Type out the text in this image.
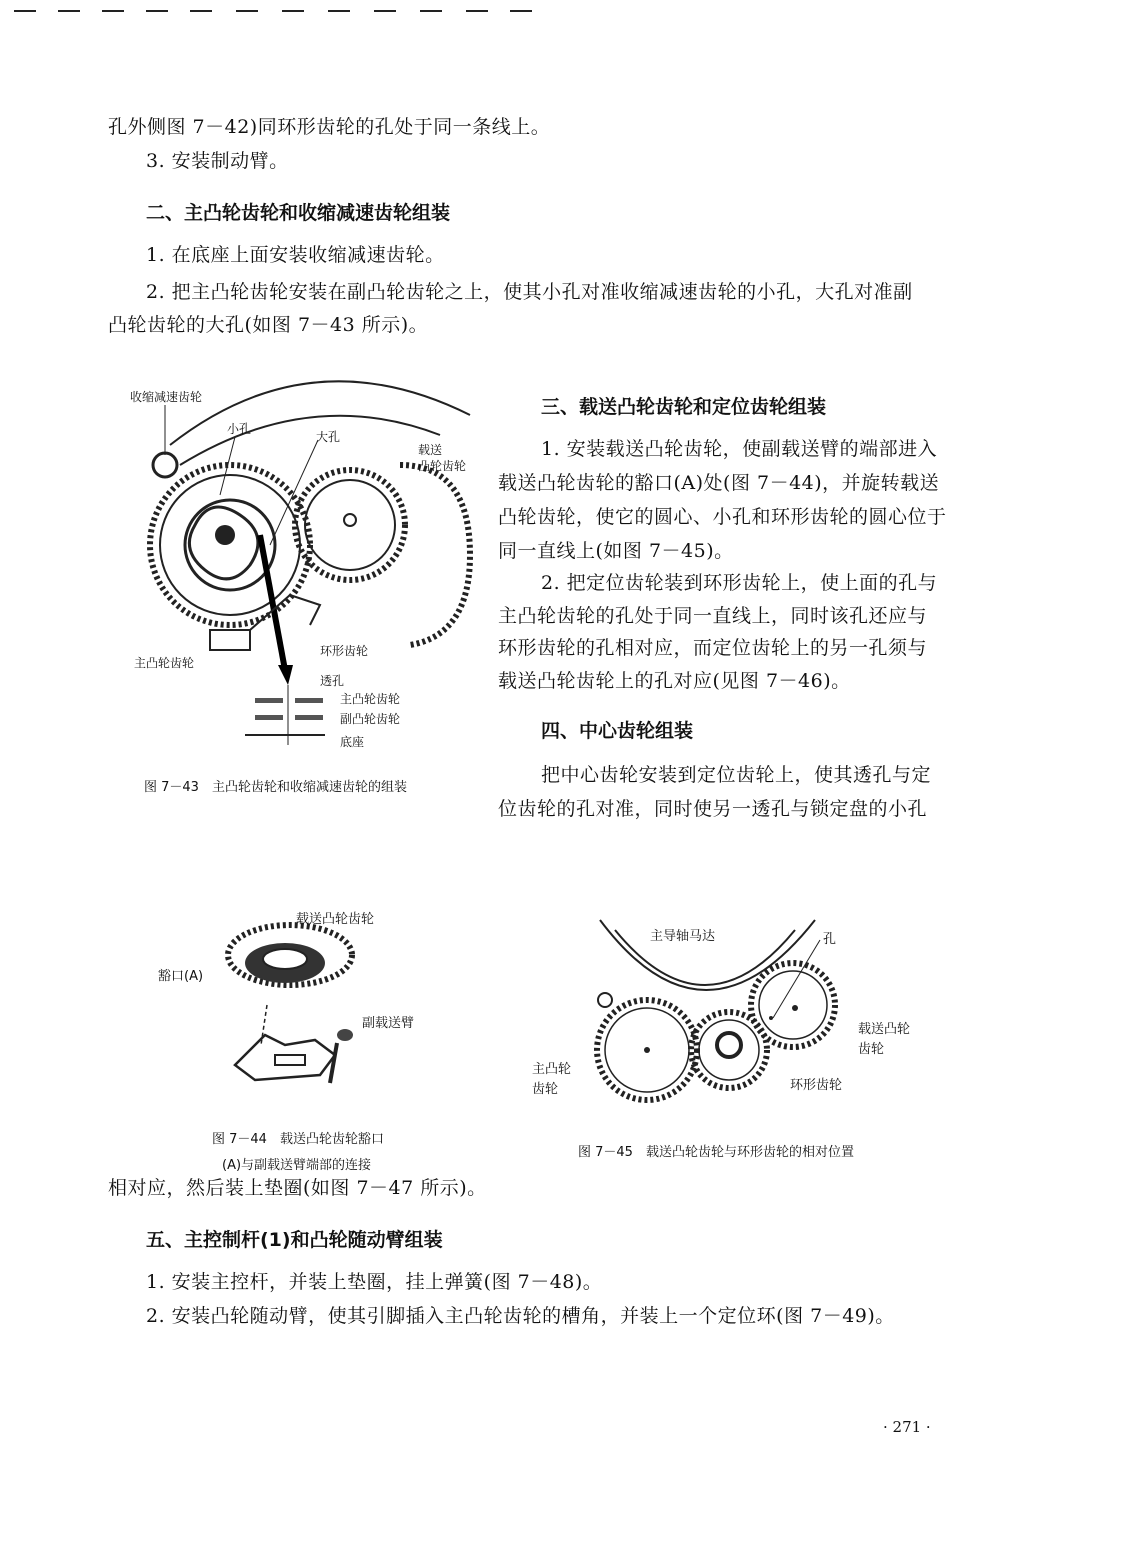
孔外侧图 7－42)同环形齿轮的孔处于同一条线上。
3. 安装制动臂。
二、主凸轮齿轮和收缩减速齿轮组装
1. 在底座上面安装收缩减速齿轮。
2. 把主凸轮齿轮安装在副凸轮齿轮之上，使其小孔对准收缩减速齿轮的小孔，大孔对准副
凸轮齿轮的大孔(如图 7－43 所示)。
收缩减速齿轮
小孔
大孔
载送
凸轮齿轮
主凸轮齿轮
环形齿轮
透孔
主凸轮齿轮
副凸轮齿轮
底座
图 7－43　主凸轮齿轮和收缩减速齿轮的组装
三、载送凸轮齿轮和定位齿轮组装
1. 安装载送凸轮齿轮，使副载送臂的端部进入
载送凸轮齿轮的豁口(A)处(图 7－44)，并旋转载送
凸轮齿轮，使它的圆心、小孔和环形齿轮的圆心位于
同一直线上(如图 7－45)。
2. 把定位齿轮装到环形齿轮上，使上面的孔与
主凸轮齿轮的孔处于同一直线上，同时该孔还应与
环形齿轮的孔相对应，而定位齿轮上的另一孔须与
载送凸轮齿轮上的孔对应(见图 7－46)。
四、中心齿轮组装
把中心齿轮安装到定位齿轮上，使其透孔与定
位齿轮的孔对准，同时使另一透孔与锁定盘的小孔
载送凸轮齿轮
豁口(A)
副载送臂
图 7－44　载送凸轮齿轮豁口
(A)与副载送臂端部的连接
主导轴马达	孔
载送凸轮
齿轮
主凸轮
齿轮	环形齿轮
图 7－45　载送凸轮齿轮与环形齿轮的相对位置
相对应，然后装上垫圈(如图 7－47 所示)。
五、主控制杆(1)和凸轮随动臂组装
1. 安装主控杆，并装上垫圈，挂上弹簧(图 7－48)。
2. 安装凸轮随动臂，使其引脚插入主凸轮齿轮的槽角，并装上一个定位环(图 7－49)。
· 271 ·
